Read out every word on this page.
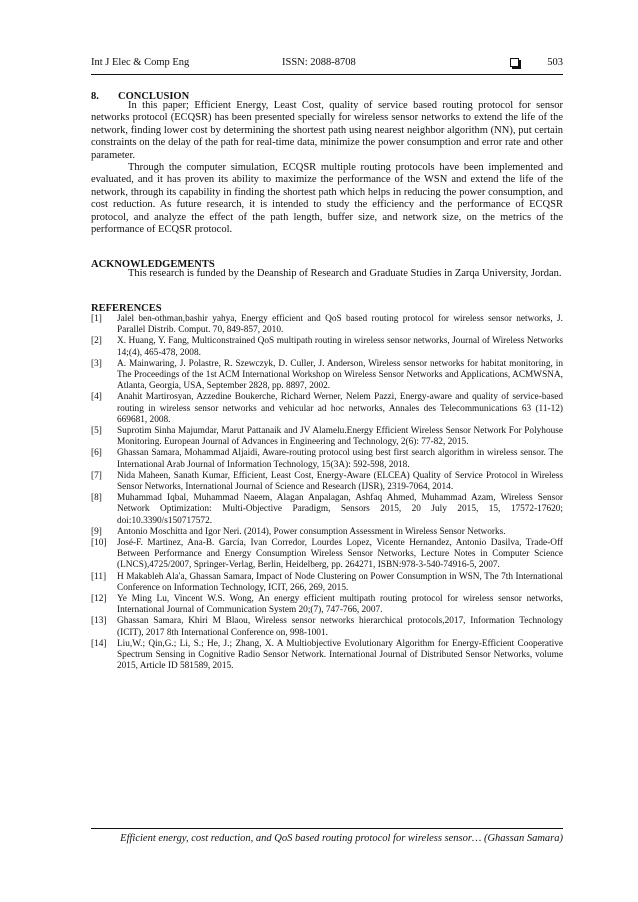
Int J Elec & Comp Eng	ISSN: 2088-8708	503
8. CONCLUSION

In this paper; Efficient Energy, Least Cost, quality of service based routing protocol for sensor networks protocol (ECQSR) has been presented specially for wireless sensor networks to extend the life of the network, finding lower cost by determining the shortest path using nearest neighbor algorithm (NN), put certain constraints on the delay of the path for real-time data, minimize the power consumption and error rate and other parameter.

Through the computer simulation, ECQSR multiple routing protocols have been implemented and evaluated, and it has proven its ability to maximize the performance of the WSN and extend the life of the network, through its capability in finding the shortest path which helps in reducing the power consumption, and cost reduction. As future research, it is intended to study the efficiency and the performance of ECQSR protocol, and analyze the effect of the path length, buffer size, and network size, on the metrics of the performance of ECQSR protocol.

ACKNOWLEDGEMENTS

This research is funded by the Deanship of Research and Graduate Studies in Zarqa University, Jordan.

REFERENCES

[1] Jalel ben-othman,bashir yahya, Energy efficient and QoS based routing protocol for wireless sensor networks, J. Parallel Distrib. Comput. 70, 849-857, 2010.

[2] X. Huang, Y. Fang, Multiconstrained QoS multipath routing in wireless sensor networks, Journal of Wireless Networks 14;(4), 465-478, 2008.

[3] A. Mainwaring, J. Polastre, R. Szewczyk, D. Culler, J. Anderson, Wireless sensor networks for habitat monitoring, in The Proceedings of the 1st ACM International Workshop on Wireless Sensor Networks and Applications, ACMWSNA, Atlanta, Georgia, USA, September 2828, pp. 8897, 2002.

[4] Anahit Martirosyan, Azzedine Boukerche, Richard Werner, Nelem Pazzi, Energy-aware and quality of service-based routing in wireless sensor networks and vehicular ad hoc networks, Annales des Telecommunications 63 (11-12) 669681, 2008.

[5] Suprotim Sinha Majumdar, Marut Pattanaik and JV Alamelu.Energy Efficient Wireless Sensor Network For Polyhouse Monitoring. European Journal of Advances in Engineering and Technology, 2(6): 77-82, 2015.

[6] Ghassan Samara, Mohammad Aljaidi, Aware-routing protocol using best first search algorithm in wireless sensor. The International Arab Journal of Information Technology, 15(3A): 592-598, 2018.

[7] Nida Maheen, Sanath Kumar, Efficient, Least Cost, Energy-Aware (ELCEA) Quality of Service Protocol in Wireless Sensor Networks, International Journal of Science and Research (IJSR), 2319-7064, 2014.

[8] Muhammad Iqbal, Muhammad Naeem, Alagan Anpalagan, Ashfaq Ahmed, Muhammad Azam, Wireless Sensor Network Optimization: Multi-Objective Paradigm, Sensors 2015, 20 July 2015, 15, 17572-17620; doi:10.3390/s150717572.

[9] Antonio Moschitta and Igor Neri. (2014), Power consumption Assessment in Wireless Sensor Networks.

[10] José-F. Martinez, Ana-B. García, Ivan Corredor, Lourdes Lopez, Vicente Hernandez, Antonio Dasilva, Trade-Off Between Performance and Energy Consumption Wireless Sensor Networks, Lecture Notes in Computer Science (LNCS),4725/2007, Springer-Verlag, Berlin, Heidelberg, pp. 264271, ISBN:978-3-540-74916-5, 2007.

[11] H Makableh Ala'a, Ghassan Samara, Impact of Node Clustering on Power Consumption in WSN, The 7th International Conference on Information Technology, ICIT, 266, 269, 2015.

[12] Ye Ming Lu, Vincent W.S. Wong, An energy efficient multipath routing protocol for wireless sensor networks, International Journal of Communication System 20;(7), 747-766, 2007.

[13] Ghassan Samara, Khiri M Blaou, Wireless sensor networks hierarchical protocols,2017, Information Technology (ICIT), 2017 8th International Conference on, 998-1001.

[14] Liu,W.; Qin,G.; Li, S.; He, J.; Zhang, X. A Multiobjective Evolutionary Algorithm for Energy-Efficient Cooperative Spectrum Sensing in Cognitive Radio Sensor Network. International Journal of Distributed Sensor Networks, volume 2015, Article ID 581589, 2015.

Efficient energy, cost reduction, and QoS based routing protocol for wireless sensor… (Ghassan Samara)
